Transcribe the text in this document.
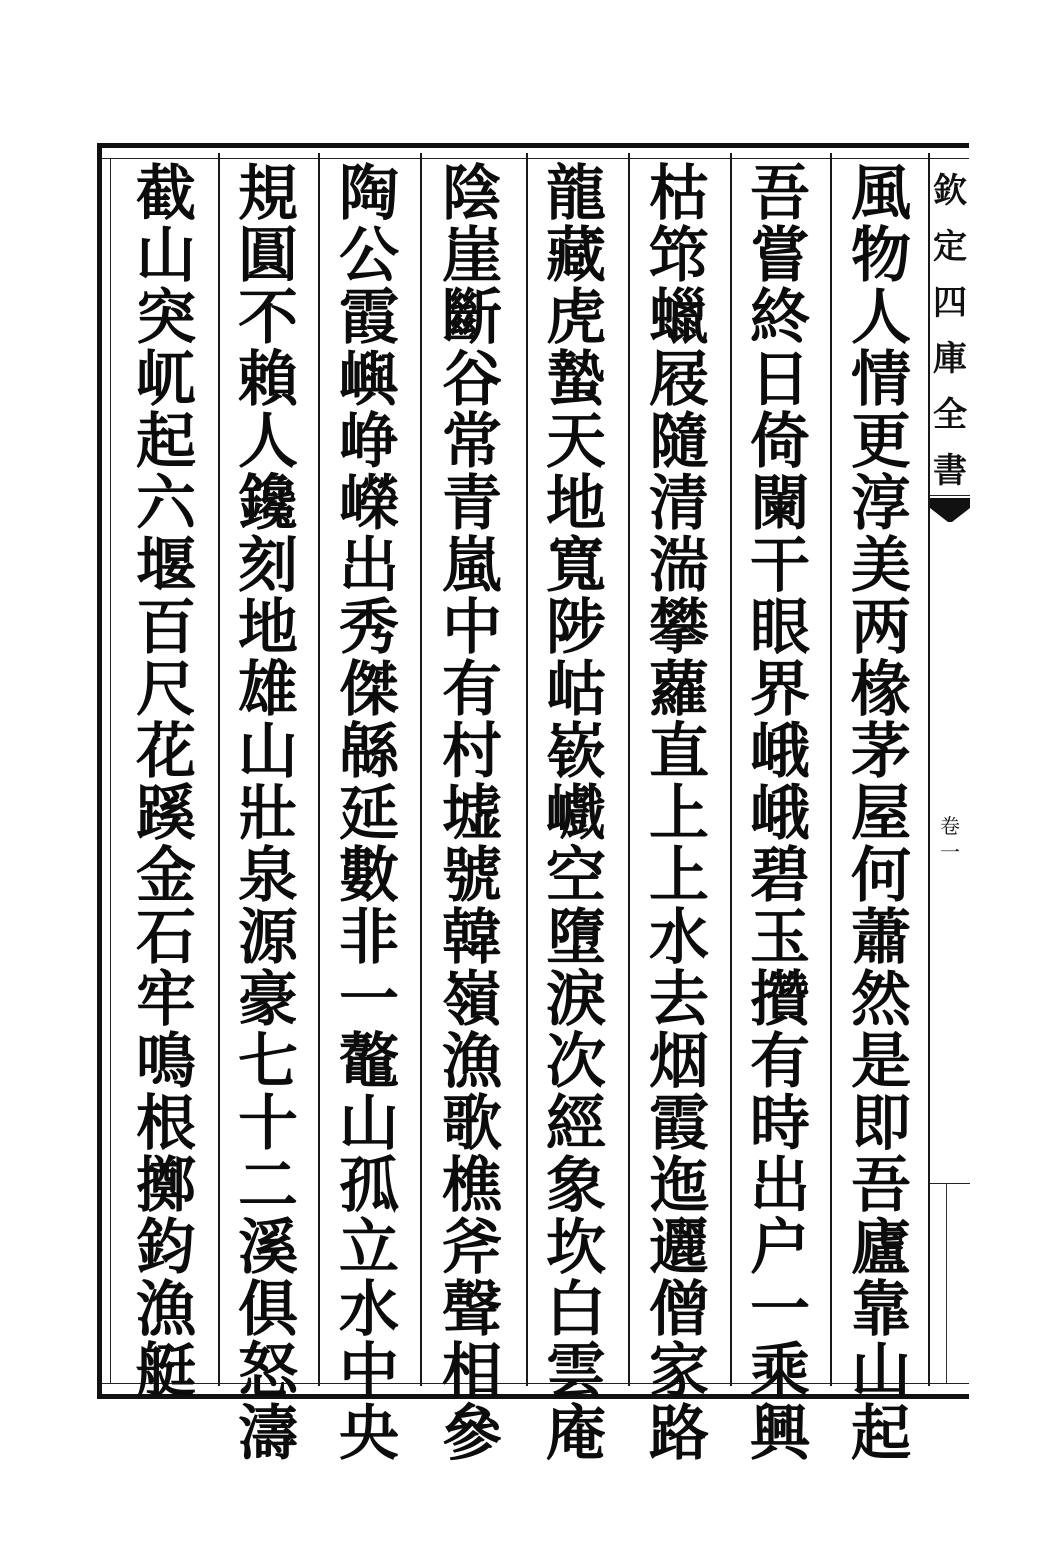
風
物
人
情
更
淳
美
两
椽
茅
屋
何
蕭
然
是
即
吾
廬
靠
山
起
吾
嘗
終
日
倚
闌
干
眼
界
峨
峨
碧
玉
攢
有
時
出
户
一
乘
興
枯
筇
蠟
屐
隨
清
湍
攀
蘿
直
上
上
水
去
烟
霞
迤
邐
僧
家
路
龍
藏
虎
蟄
天
地
寬
陟
岵
嵚
巇
空
墮
淚
次
經
象
坎
白
雲
庵
陰
崖
斷
谷
常
青
嵐
中
有
村
墟
號
韓
嶺
漁
歌
樵
斧
聲
相
參
陶
公
霞
嶼
峥
嶸
出
秀
傑
緜
延
數
非
一
鼇
山
孤
立
水
中
央
規
圓
不
賴
人
鑱
刻
地
雄
山
壯
泉
源
豪
七
十
二
溪
俱
怒
濤
截
山
突
屼
起
六
堰
百
尺
花
蹊
金
石
牢
鳴
根
擲
鈞
漁
艇
欽
定
四
庫
全
書
卷
一
